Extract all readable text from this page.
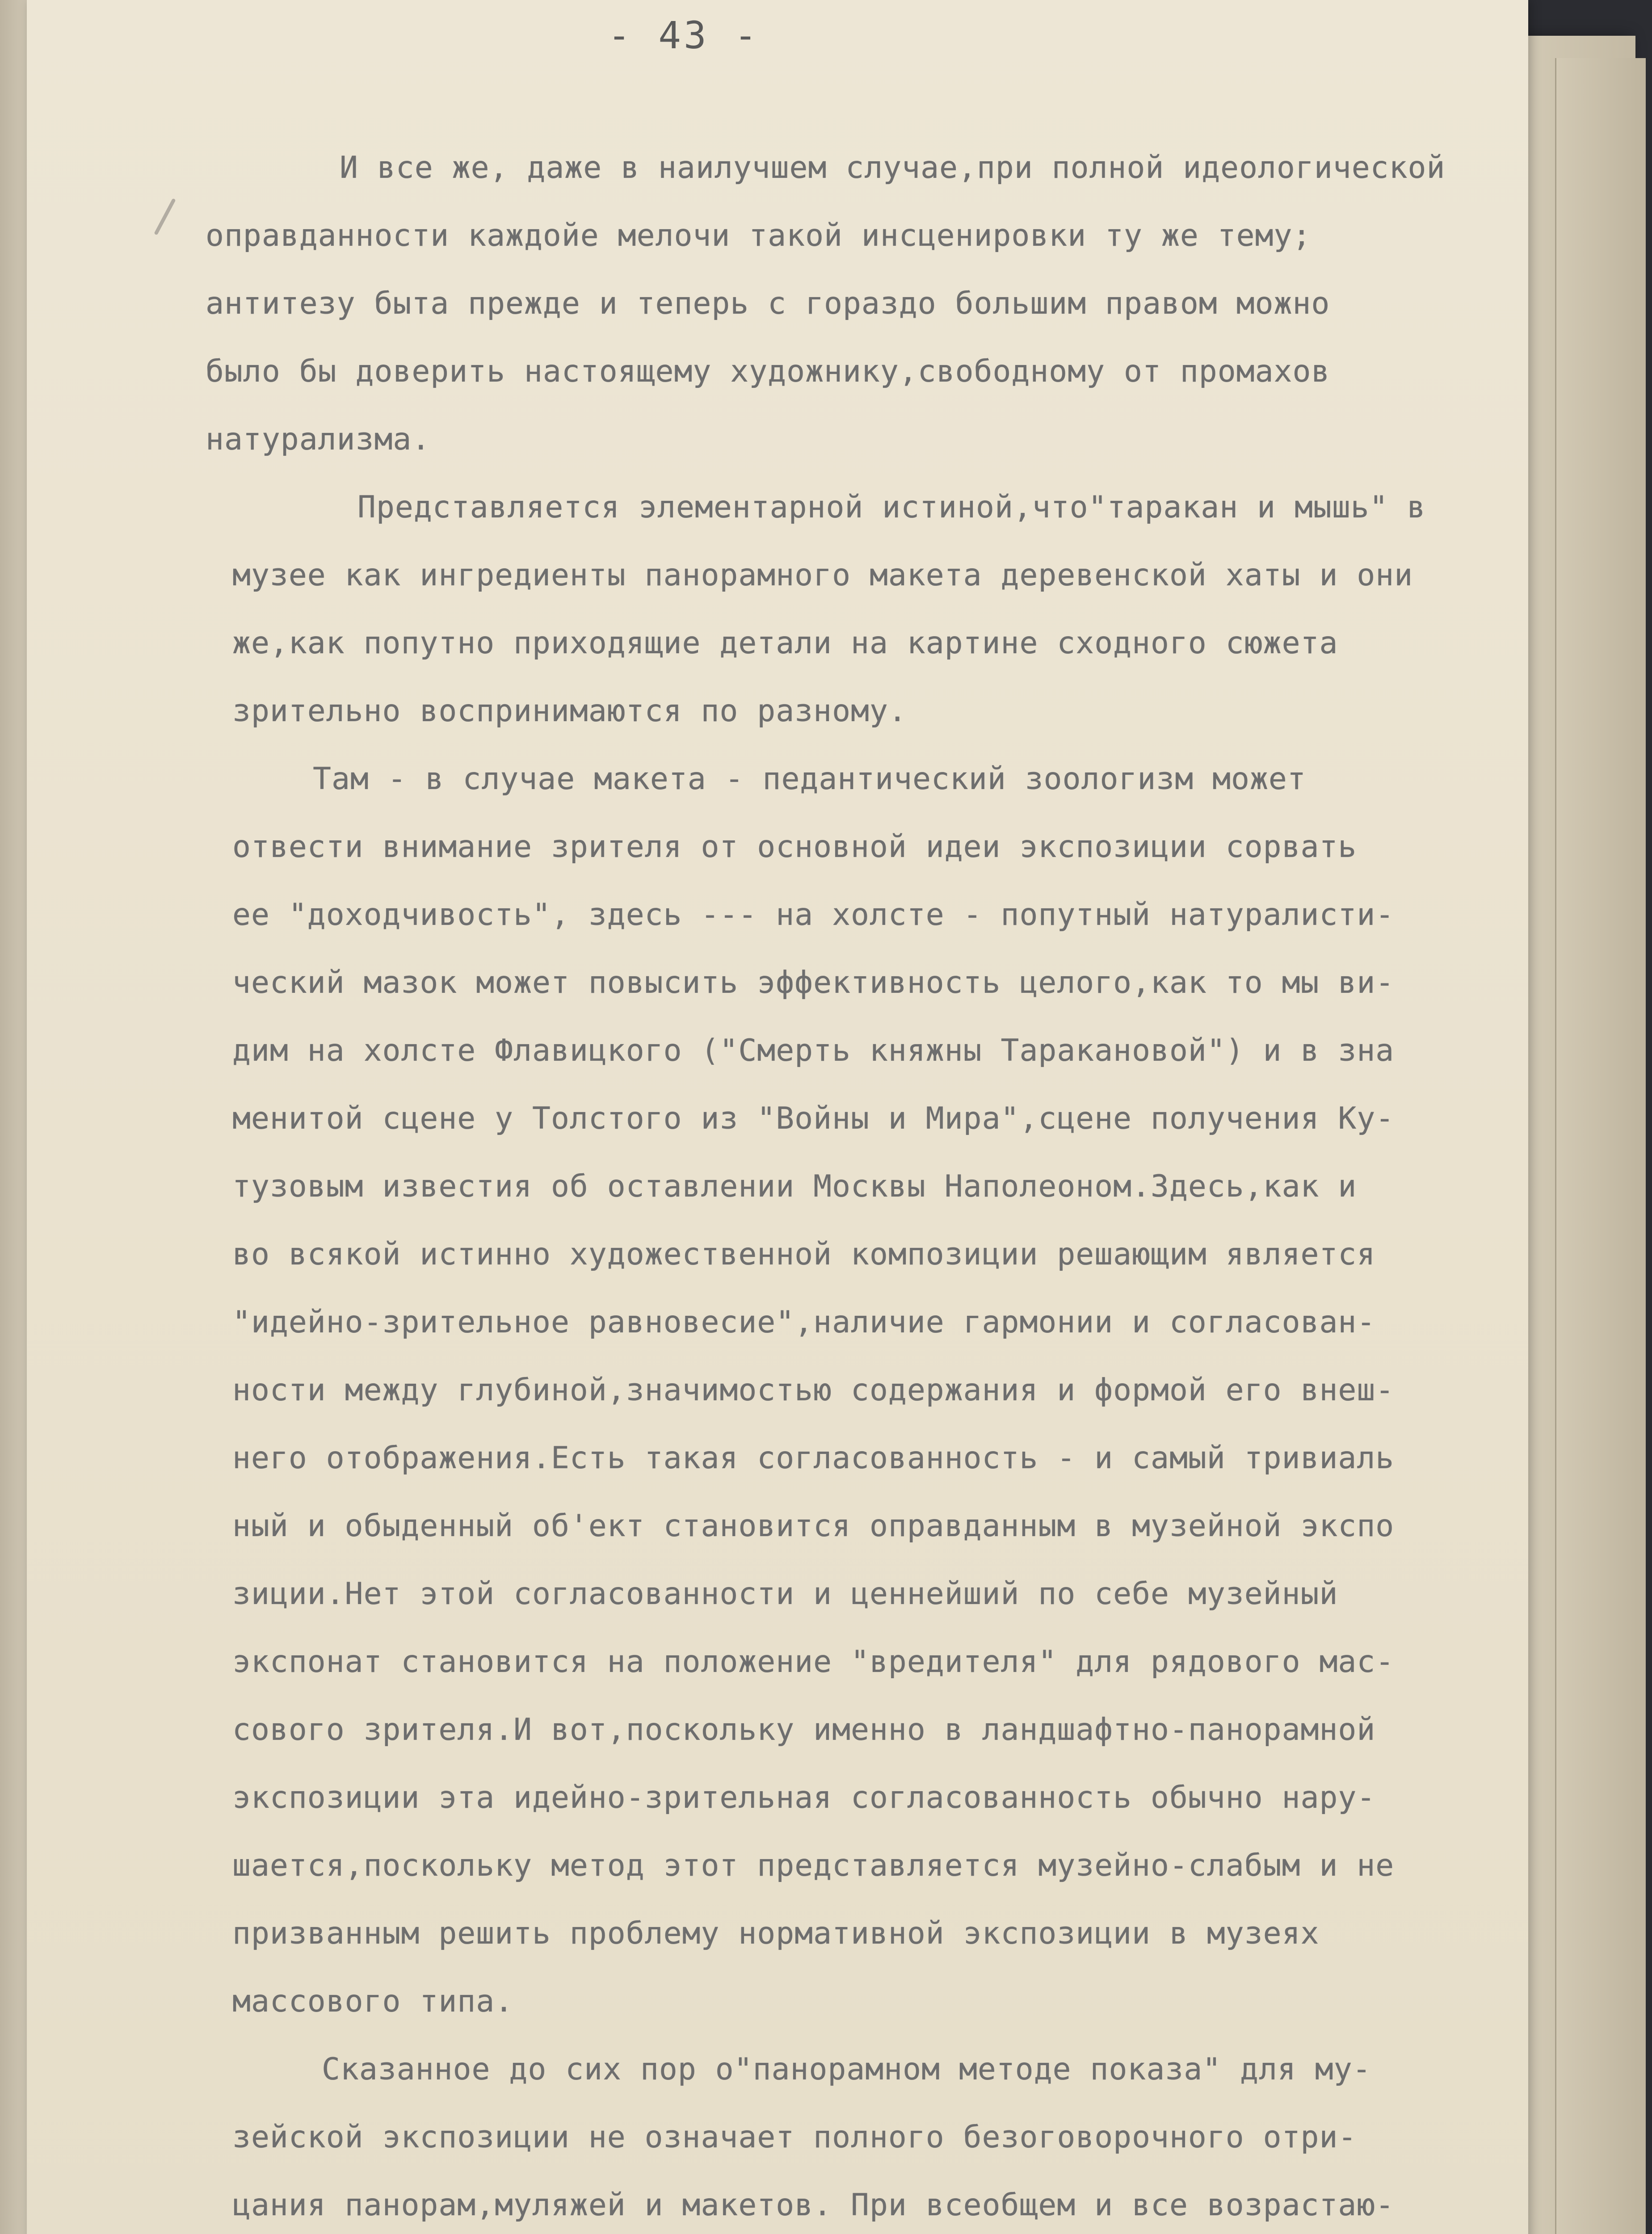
- 43 -
И все же, даже в наилучшем случае,при полной идеологической
оправданности каждойе мелочи такой инсценировки ту же тему;
антитезу быта прежде и теперь с гораздо большим правом можно
было бы доверить настоящему художнику,свободному от промахов
натурализма.
Представляется элементарной истиной,что"таракан и мышь" в
музее как ингредиенты панорамного макета деревенской хаты и они
же,как попутно приходящие детали на картине сходного сюжета
зрительно воспринимаются по разному.
Там - в случае макета - педантический зоологизм может
отвести внимание зрителя от основной идеи экспозиции сорвать
ее "доходчивость", здесь --- на холсте - попутный натуралисти-
ческий мазок может повысить эффективность целого,как то мы ви-
дим на холсте Флавицкого ("Смерть княжны Таракановой") и в зна
менитой сцене у Толстого из "Войны и Мира",сцене получения Ку-
тузовым известия об оставлении Москвы Наполеоном.Здесь,как и
во всякой истинно художественной композиции решающим является
"идейно-зрительное равновесие",наличие гармонии и согласован-
ности между глубиной,значимостью содержания и формой его внеш-
него отображения.Есть такая согласованность - и самый тривиаль
ный и обыденный об'ект становится оправданным в музейной экспо
зиции.Нет этой согласованности и ценнейший по себе музейный
экспонат становится на положение "вредителя" для рядового мас-
сового зрителя.И вот,поскольку именно в ландшафтно-панорамной
экспозиции эта идейно-зрительная согласованность обычно нару-
шается,поскольку метод этот представляется музейно-слабым и не
призванным решить проблему нормативной экспозиции в музеях
массового типа.
Сказанное до сих пор о"панорамном методе показа" для му-
зейской экспозиции не означает полного безоговорочного отри-
цания панорам,муляжей и макетов. При всеобщем и все возрастаю-
